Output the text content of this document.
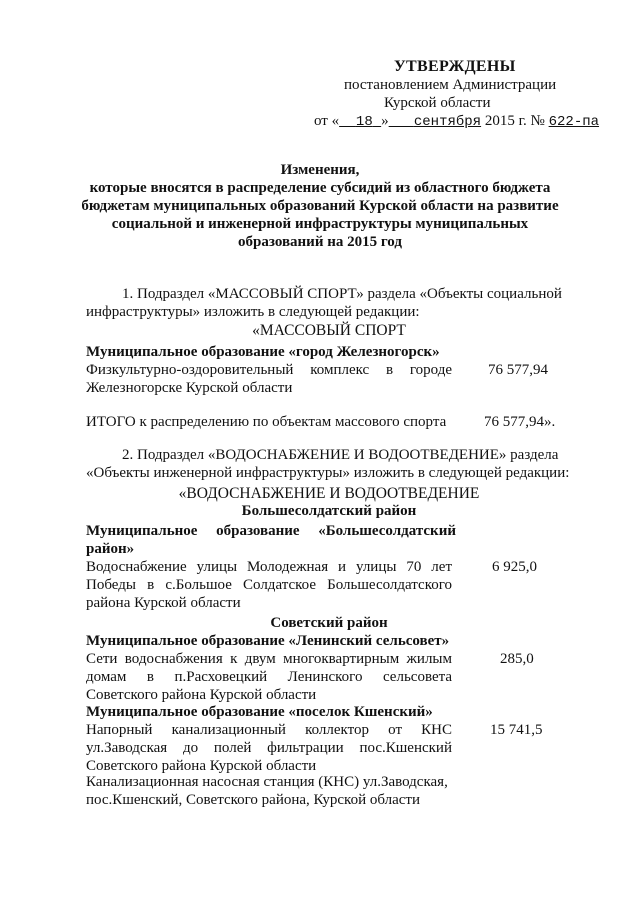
УТВЕРЖДЕНЫ
постановлением Администрации
Курской области
от « 18 » сентября 2015 г. № 622-па
Изменения,
которые вносятся в распределение субсидий из областного бюджета
бюджетам муниципальных образований Курской области на развитие
социальной и инженерной инфраструктуры муниципальных
образований на 2015 год
1. Подраздел «МАССОВЫЙ СПОРТ» раздела «Объекты социальной
инфраструктуры» изложить в следующей редакции:
«МАССОВЫЙ СПОРТ
Муниципальное образование «город Железногорск»
Физкультурно-оздоровительный комплекс в городе
Железногорске Курской области
76 577,94
ИТОГО к распределению по объектам массового спорта	76 577,94».
2. Подраздел «ВОДОСНАБЖЕНИЕ И ВОДООТВЕДЕНИЕ» раздела
«Объекты инженерной инфраструктуры» изложить в следующей редакции:
«ВОДОСНАБЖЕНИЕ И ВОДООТВЕДЕНИЕ
Большесолдатский район
Муниципальное образование «Большесолдатский
район»
Водоснабжение улицы Молодежная и улицы 70 лет
Победы в с.Большое Солдатское Большесолдатского
района Курской области
6 925,0
Советский район
Муниципальное образование «Ленинский сельсовет»
Сети водоснабжения к двум многоквартирным жилым
домам в п.Расховецкий Ленинского сельсовета
Советского района Курской области
285,0
Муниципальное образование «поселок Кшенский»
Напорный канализационный коллектор от КНС
ул.Заводская до полей фильтрации пос.Кшенский
Советского района Курской области
15 741,5
Канализационная насосная станция (КНС) ул.Заводская,
пос.Кшенский, Советского района, Курской области
